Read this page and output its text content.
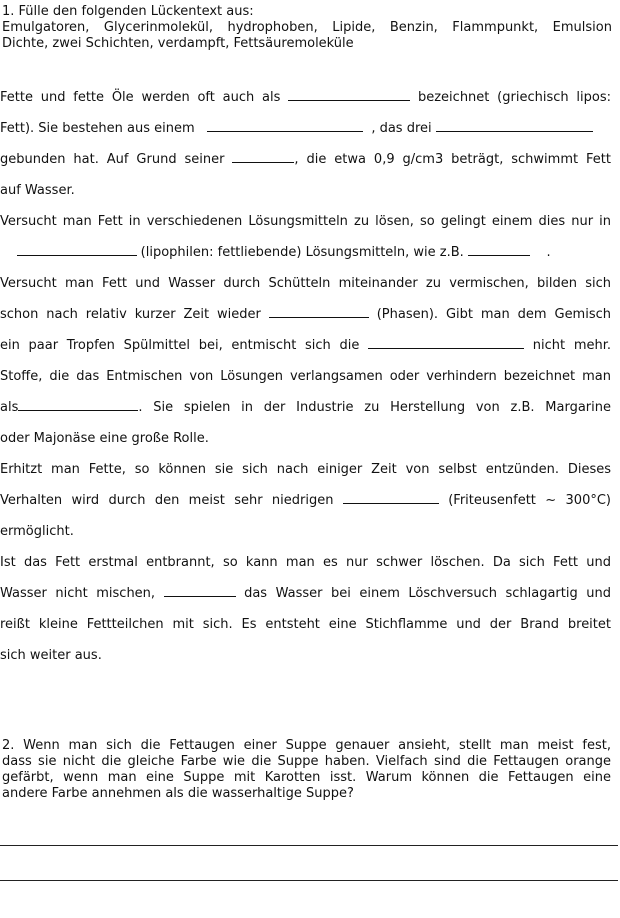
1. Fülle den folgenden Lückentext aus:
Emulgatoren, Glycerinmolekül, hydrophoben, Lipide, Benzin, Flammpunkt, Emulsion
Dichte, zwei Schichten, verdampft, Fettsäuremoleküle
Fette und fette Öle werden oft auch als	bezeichnet (griechisch lipos:
Fett). Sie bestehen aus einem	, das drei
gebunden hat. Auf Grund seiner	, die etwa 0,9 g/cm3 beträgt, schwimmt Fett
auf Wasser.
Versucht man Fett in verschiedenen Lösungsmitteln zu lösen, so gelingt einem dies nur in
(lipophilen: fettliebende) Lösungsmitteln, wie z.B.	.
Versucht man Fett und Wasser durch Schütteln miteinander zu vermischen, bilden sich
schon nach relativ kurzer Zeit wieder	(Phasen). Gibt man dem Gemisch
ein paar Tropfen Spülmittel bei, entmischt sich die	nicht mehr.
Stoffe, die das Entmischen von Lösungen verlangsamen oder verhindern bezeichnet man
als	. Sie spielen in der Industrie zu Herstellung von z.B. Margarine
oder Majonäse eine große Rolle.
Erhitzt man Fette, so können sie sich nach einiger Zeit von selbst entzünden. Dieses
Verhalten wird durch den meist sehr niedrigen	(Friteusenfett ~ 300°C)
ermöglicht.
Ist das Fett erstmal entbrannt, so kann man es nur schwer löschen. Da sich Fett und
Wasser nicht mischen,	das Wasser bei einem Löschversuch schlagartig und
reißt kleine Fettteilchen mit sich. Es entsteht eine Stichflamme und der Brand breitet
sich weiter aus.
2. Wenn man sich die Fettaugen einer Suppe genauer ansieht, stellt man meist fest,
dass sie nicht die gleiche Farbe wie die Suppe haben. Vielfach sind die Fettaugen orange
gefärbt, wenn man eine Suppe mit Karotten isst. Warum können die Fettaugen eine
andere Farbe annehmen als die wasserhaltige Suppe?
